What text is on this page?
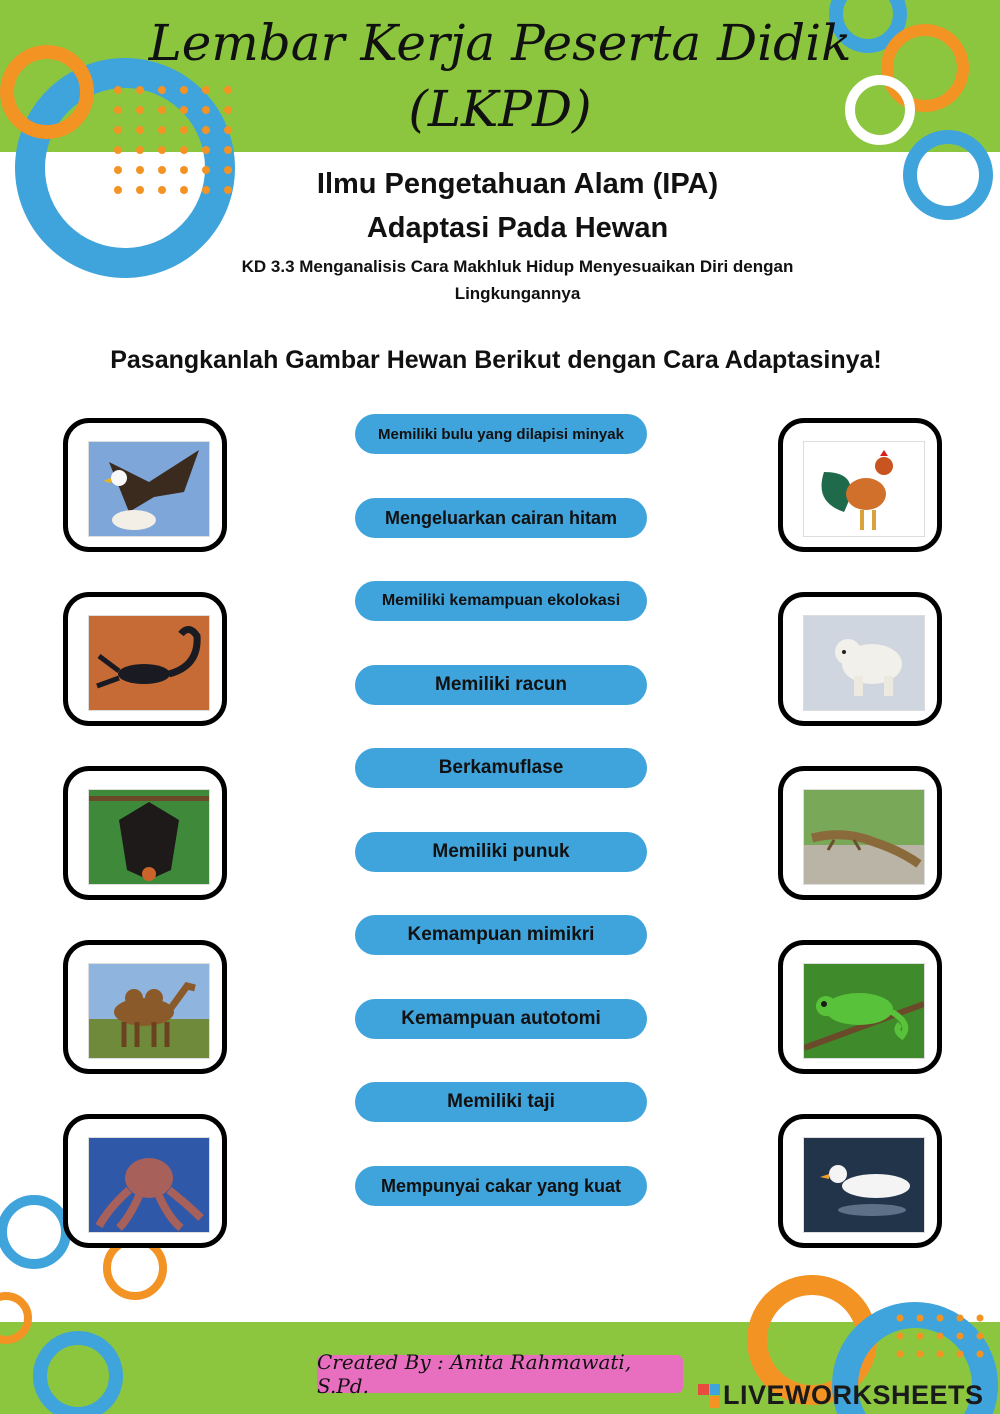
Lembar Kerja Peserta Didik
(LKPD)
Ilmu Pengetahuan Alam (IPA)
Adaptasi Pada Hewan
KD 3.3 Menganalisis Cara Makhluk Hidup Menyesuaikan Diri dengan
Lingkungannya
Pasangkanlah Gambar Hewan Berikut dengan Cara Adaptasinya!
Memiliki bulu yang dilapisi minyak
Mengeluarkan cairan hitam
Memiliki kemampuan ekolokasi
Memiliki racun
Berkamuflase
Memiliki punuk
Kemampuan mimikri
Kemampuan autotomi
Memiliki taji
Mempunyai cakar yang kuat
Created By : Anita Rahmawati, S.Pd.	LIVEWORKSHEETS
